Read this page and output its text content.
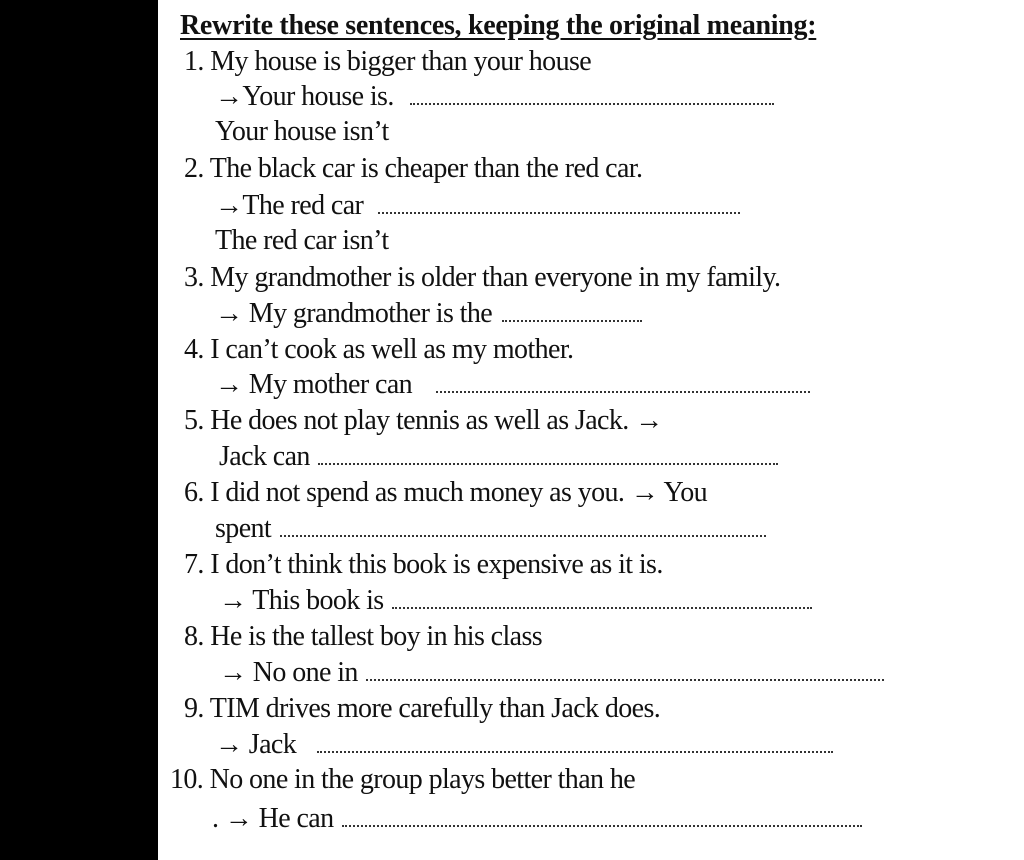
Rewrite these sentences, keeping the original meaning:
1. My house is bigger than your house
→Your house is.
Your house isn’t
2. The black car is cheaper than the red car.
→The red car
The red car isn’t
3. My grandmother is older than everyone in my family.
→ My grandmother is the
4. I can’t cook as well as my mother.
→ My mother can
5. He does not play tennis as well as Jack. →
Jack can
6. I did not spend as much money as you. → You
spent
7. I don’t think this book is expensive as it is.
→ This book is
8. He is the tallest boy in his class
→ No one in
9. TIM drives more carefully than Jack does.
→ Jack
10. No one in the group plays better than he
. → He can
